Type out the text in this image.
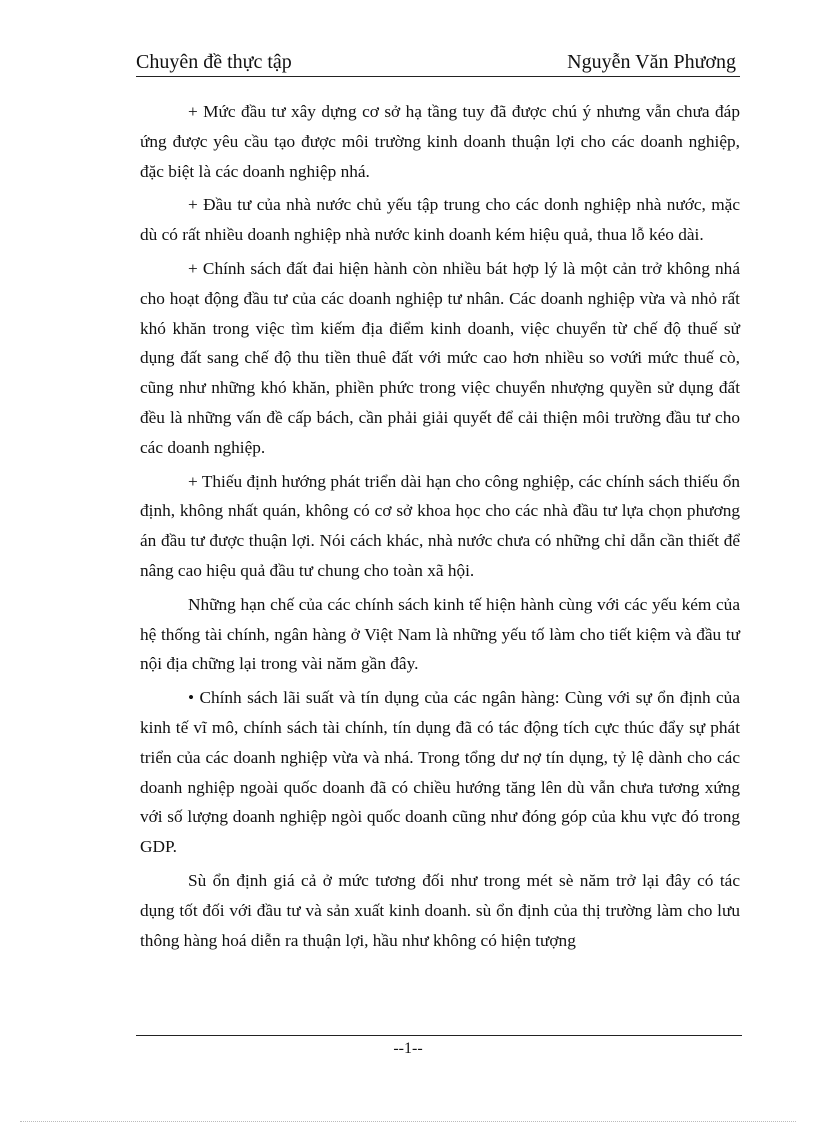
Chuyên đề thực tập	Nguyễn Văn Phương

+ Mức đầu tư xây dựng cơ sở hạ tầng tuy đã được chú ý nhưng vẫn chưa đáp ứng được yêu cầu tạo được môi trường kinh doanh thuận lợi cho các doanh nghiệp, đặc biệt là các doanh nghiệp nhá.

+ Đầu tư của nhà nước chủ yếu tập trung cho các donh nghiệp nhà nước, mặc dù có rất nhiều doanh nghiệp nhà nước kinh doanh kém hiệu quả, thua lỗ kéo dài.

+ Chính sách đất đai hiện hành còn nhiều bát hợp lý là một cản trở không nhá cho hoạt động đầu tư của các doanh nghiệp tư nhân. Các doanh nghiệp vừa và nhỏ rất khó khăn trong việc tìm kiếm địa điểm kinh doanh, việc chuyển từ chế độ thuế sử dụng đất sang chế độ thu tiền thuê đất với mức cao hơn nhiều so vơứi mức thuế cò, cũng như những khó khăn, phiền phức trong việc chuyển nhượng quyền sử dụng đất đều là những vấn đề cấp bách, cần phải giải quyết để cải thiện môi trường đầu tư cho các doanh nghiệp.

+ Thiếu định hướng phát triển dài hạn cho công nghiệp, các chính sách thiếu ổn định, không nhất quán, không có cơ sở khoa học cho các nhà đầu tư lựa chọn phương án đầu tư được thuận lợi. Nói cách khác, nhà nước chưa có những chỉ dẫn cần thiết để nâng cao hiệu quả đầu tư chung cho toàn xã hội.

Những hạn chế của các chính sách kinh tế hiện hành cùng với các yếu kém của hệ thống tài chính, ngân hàng ở Việt Nam là những yếu tố làm cho tiết kiệm và đầu tư nội địa chững lại trong vài năm gần đây.

• Chính sách lãi suất và tín dụng của các ngân hàng: Cùng với sự ổn định của kinh tế vĩ mô, chính sách tài chính, tín dụng đã có tác động tích cực thúc đẩy sự phát triển của các doanh nghiệp vừa và nhá. Trong tổng dư nợ tín dụng, tỷ lệ dành cho các doanh nghiệp ngoài quốc doanh đã có chiều hướng tăng lên dù vẫn chưa tương xứng với số lượng doanh nghiệp ngòi quốc doanh cũng như đóng góp của khu vực đó trong GDP.

Sù ổn định giá cả ở mức tương đối như trong mét sè năm trở lại đây có tác dụng tốt đối với đầu tư và sản xuất kinh doanh. sù ổn định của thị trường làm cho lưu thông hàng hoá diễn ra thuận lợi, hầu như không có hiện tượng

--1--
